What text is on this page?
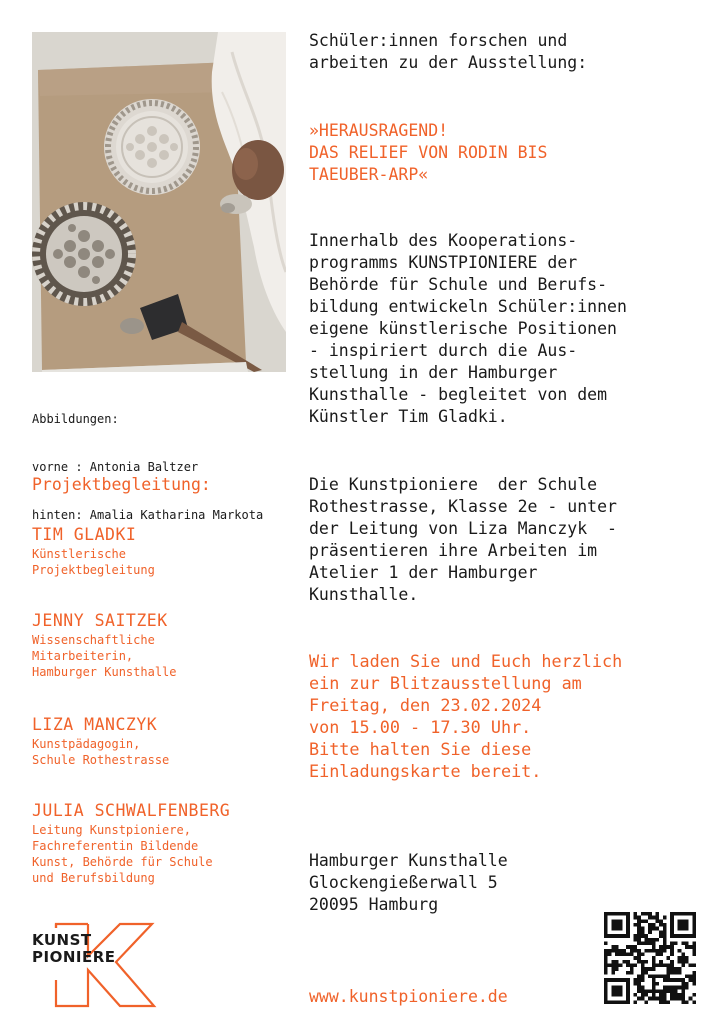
Abbildungen:

vorne : Antonia Baltzer

hinten: Amalia Katharina Markota

Schüler:innen forschen und
arbeiten zu der Ausstellung:
»HERAUSRAGEND!
DAS RELIEF VON RODIN BIS
TAEUBER-ARP«
Innerhalb des Kooperations-
programms KUNSTPIONIERE der
Behörde für Schule und Berufs-
bildung entwickeln Schüler:innen
eigene künstlerische Positionen
- inspiriert durch die Aus-
stellung in der Hamburger
Kunsthalle - begleitet von dem
Künstler Tim Gladki.
Die Kunstpioniere  der Schule
Rothestrasse, Klasse 2e - unter
der Leitung von Liza Manczyk  -
präsentieren ihre Arbeiten im
Atelier 1 der Hamburger
Kunsthalle.
Wir laden Sie und Euch herzlich
ein zur Blitzausstellung am
Freitag, den 23.02.2024
von 15.00 - 17.30 Uhr.
Bitte halten Sie diese
Einladungskarte bereit.
Hamburger Kunsthalle
Glockengießerwall 5
20095 Hamburg
www.kunstpioniere.de
Projektbegleitung:
TIM GLADKI
Künstlerische
Projektbegleitung
JENNY SAITZEK
Wissenschaftliche
Mitarbeiterin,
Hamburger Kunsthalle
LIZA MANCZYK
Kunstpädagogin,
Schule Rothestrasse
JULIA SCHWALFENBERG
Leitung Kunstpioniere,
Fachreferentin Bildende
Kunst, Behörde für Schule
und Berufsbildung
KUNST
PIONIERE
